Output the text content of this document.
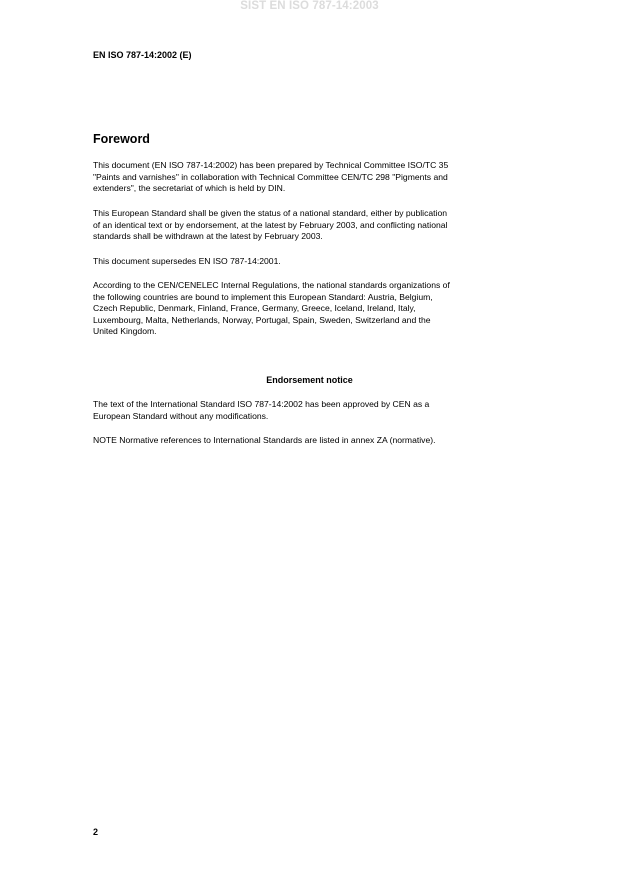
SIST EN ISO 787-14:2003
EN ISO 787-14:2002 (E)
Foreword

This document (EN ISO 787-14:2002) has been prepared by Technical Committee ISO/TC 35
"Paints and varnishes" in collaboration with Technical Committee CEN/TC 298 "Pigments and
extenders", the secretariat of which is held by DIN.

This European Standard shall be given the status of a national standard, either by publication
of an identical text or by endorsement, at the latest by February 2003, and conflicting national
standards shall be withdrawn at the latest by February 2003.

This document supersedes EN ISO 787-14:2001.

According to the CEN/CENELEC Internal Regulations, the national standards organizations of
the following countries are bound to implement this European Standard: Austria, Belgium,
Czech Republic, Denmark, Finland, France, Germany, Greece, Iceland, Ireland, Italy,
Luxembourg, Malta, Netherlands, Norway, Portugal, Spain, Sweden, Switzerland and the
United Kingdom.

Endorsement notice

The text of the International Standard ISO 787-14:2002 has been approved by CEN as a
European Standard without any modifications.

NOTE Normative references to International Standards are listed in annex ZA (normative).

2
